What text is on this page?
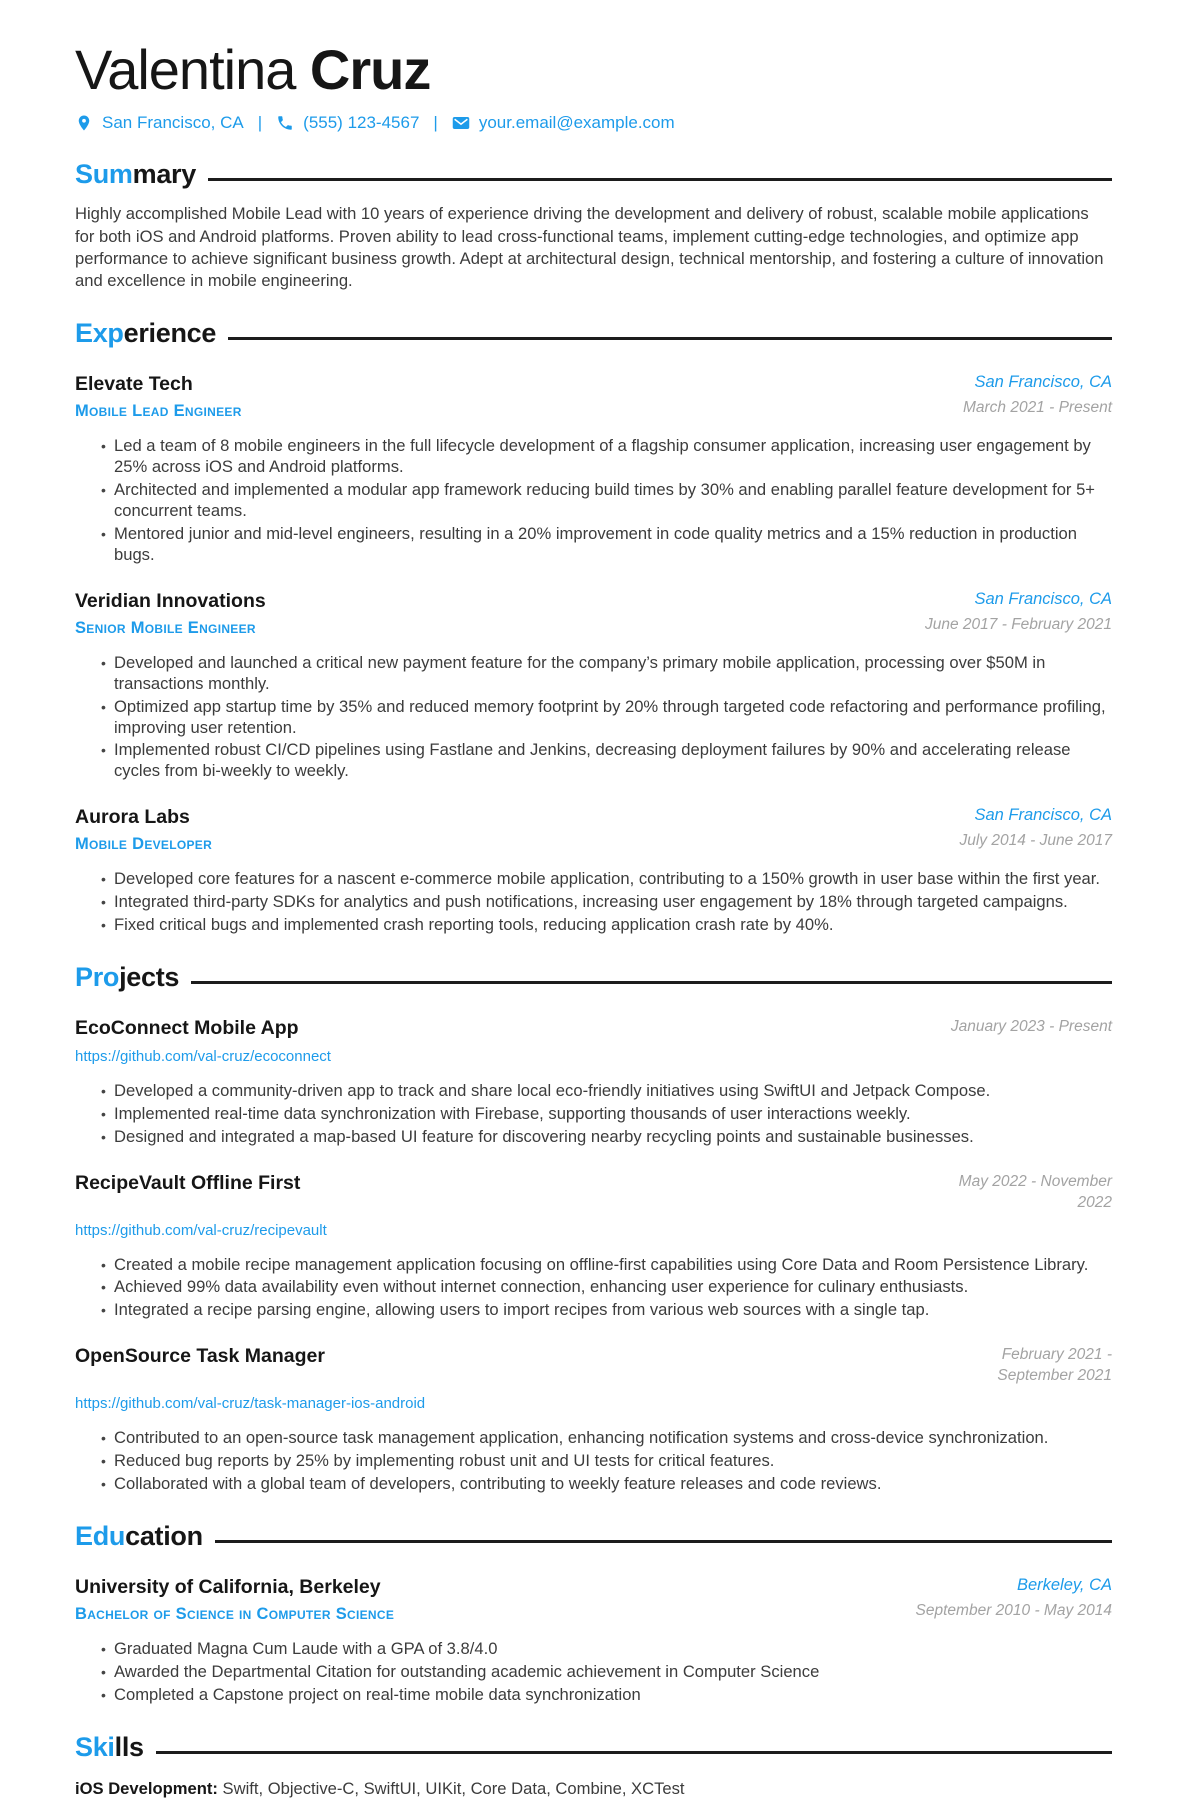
Valentina Cruz
San Francisco, CA | (555) 123-4567 | your.email@example.com
Sum mary

Highly accomplished Mobile Lead with 10 years of experience driving the development and delivery of robust, scalable mobile applications for both iOS and Android platforms. Proven ability to lead cross-functional teams, implement cutting-edge technologies, and optimize app performance to achieve significant business growth. Adept at architectural design, technical mentorship, and fostering a culture of innovation and excellence in mobile engineering.

Exp erience
Elevate Tech
Mobile Lead Engineer
San Francisco, CA
March 2021 - Present
• Led a team of 8 mobile engineers in the full lifecycle development of a flagship consumer application, increasing user engagement by 25% across iOS and Android platforms.
• Architected and implemented a modular app framework reducing build times by 30% and enabling parallel feature development for 5+ concurrent teams.
• Mentored junior and mid-level engineers, resulting in a 20% improvement in code quality metrics and a 15% reduction in production bugs.
Veridian Innovations
Senior Mobile Engineer
San Francisco, CA
June 2017 - February 2021
• Developed and launched a critical new payment feature for the company’s primary mobile application, processing over $50M in transactions monthly.
• Optimized app startup time by 35% and reduced memory footprint by 20% through targeted code refactoring and performance profiling, improving user retention.
• Implemented robust CI/CD pipelines using Fastlane and Jenkins, decreasing deployment failures by 90% and accelerating release cycles from bi-weekly to weekly.
Aurora Labs
Mobile Developer
San Francisco, CA
July 2014 - June 2017
• Developed core features for a nascent e-commerce mobile application, contributing to a 150% growth in user base within the first year.
• Integrated third-party SDKs for analytics and push notifications, increasing user engagement by 18% through targeted campaigns.
• Fixed critical bugs and implemented crash reporting tools, reducing application crash rate by 40%.
Pro jects
EcoConnect Mobile App	January 2023 - Present
https://github.com/val-cruz/ecoconnect
• Developed a community-driven app to track and share local eco-friendly initiatives using SwiftUI and Jetpack Compose.
• Implemented real-time data synchronization with Firebase, supporting thousands of user interactions weekly.
• Designed and integrated a map-based UI feature for discovering nearby recycling points and sustainable businesses.
RecipeVault Offline First	May 2022 - November 2022
https://github.com/val-cruz/recipevault
• Created a mobile recipe management application focusing on offline-first capabilities using Core Data and Room Persistence Library.
• Achieved 99% data availability even without internet connection, enhancing user experience for culinary enthusiasts.
• Integrated a recipe parsing engine, allowing users to import recipes from various web sources with a single tap.
OpenSource Task Manager	February 2021 - September 2021
https://github.com/val-cruz/task-manager-ios-android
• Contributed to an open-source task management application, enhancing notification systems and cross-device synchronization.
• Reduced bug reports by 25% by implementing robust unit and UI tests for critical features.
• Collaborated with a global team of developers, contributing to weekly feature releases and code reviews.
Edu cation
University of California, Berkeley
Bachelor of Science in Computer Science
Berkeley, CA
September 2010 - May 2014
• Graduated Magna Cum Laude with a GPA of 3.8/4.0
• Awarded the Departmental Citation for outstanding academic achievement in Computer Science
• Completed a Capstone project on real-time mobile data synchronization
Ski lls

iOS Development: Swift, Objective-C, SwiftUI, UIKit, Core Data, Combine, XCTest
